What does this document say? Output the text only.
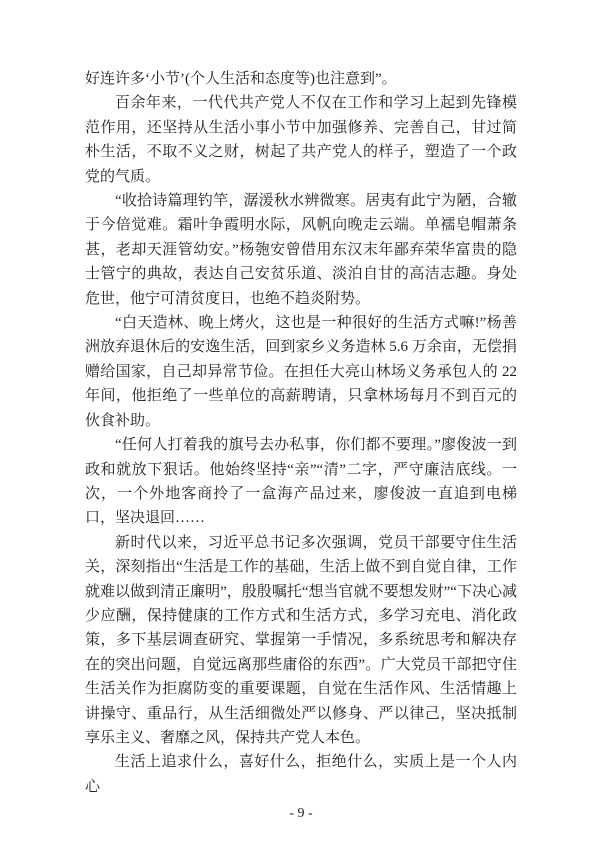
好连许多‘小节’(个人生活和态度等)也注意到”。

百余年来，一代代共产党人不仅在工作和学习上起到先锋模范作用，还坚持从生活小事小节中加强修养、完善自己，甘过简朴生活，不取不义之财，树起了共产党人的样子，塑造了一个政党的气质。

“收拾诗篇理钓竿，潺湲秋水辨微寒。居夷有此宁为陋，合辙于今倍觉难。霜叶争霞明水际，风帆向晚走云端。单襦皂帽萧条甚，老却天涯管幼安。”杨匏安曾借用东汉末年鄙弃荣华富贵的隐士管宁的典故，表达自己安贫乐道、淡泊自甘的高洁志趣。身处危世，他宁可清贫度日，也绝不趋炎附势。

“白天造林、晚上烤火，这也是一种很好的生活方式嘛!”杨善洲放弃退休后的安逸生活，回到家乡义务造林 5.6 万余亩，无偿捐赠给国家，自己却异常节俭。在担任大亮山林场义务承包人的 22 年间，他拒绝了一些单位的高薪聘请，只拿林场每月不到百元的伙食补助。

“任何人打着我的旗号去办私事，你们都不要理。”廖俊波一到政和就放下狠话。他始终坚持“亲”“清”二字，严守廉洁底线。一次，一个外地客商拎了一盒海产品过来，廖俊波一直追到电梯口，坚决退回……

新时代以来，习近平总书记多次强调，党员干部要守住生活关，深刻指出“生活是工作的基础，生活上做不到自觉自律，工作就难以做到清正廉明”，殷殷嘱托“想当官就不要想发财”“下决心减少应酬，保持健康的工作方式和生活方式，多学习充电、消化政策，多下基层调查研究、掌握第一手情况，多系统思考和解决存在的突出问题，自觉远离那些庸俗的东西”。广大党员干部把守住生活关作为拒腐防变的重要课题，自觉在生活作风、生活情趣上讲操守、重品行，从生活细微处严以修身、严以律己，坚决抵制享乐主义、奢靡之风，保持共产党人本色。

生活上追求什么，喜好什么，拒绝什么，实质上是一个人内心

- 9 -
